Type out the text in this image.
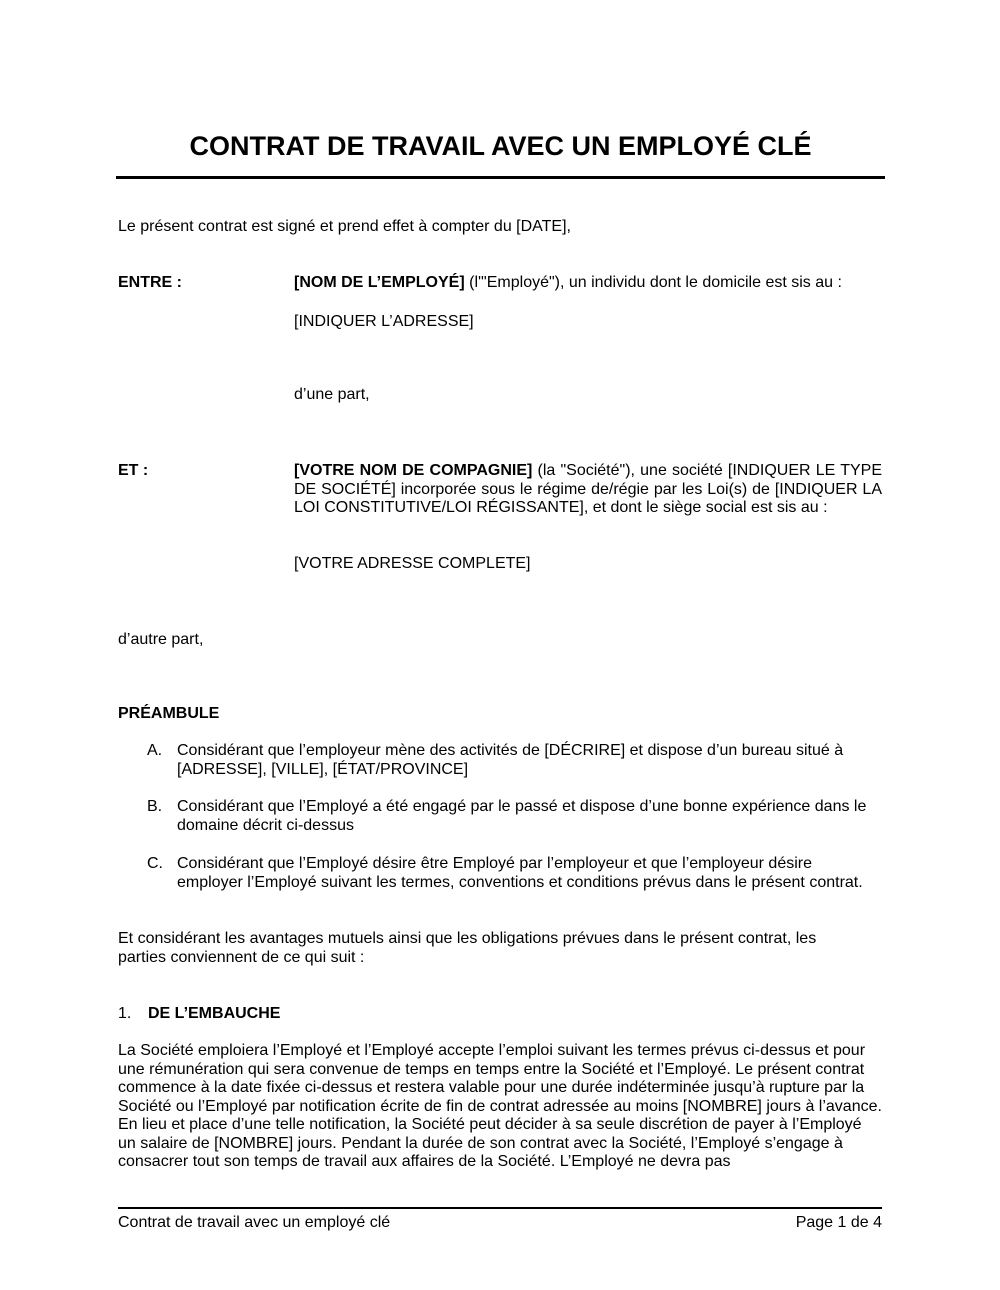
CONTRAT DE TRAVAIL AVEC UN EMPLOYÉ CLÉ
Le présent contrat est signé et prend effet à compter du [DATE],
ENTRE :	[NOM DE L’EMPLOYÉ] (l'"Employé"), un individu dont le domicile est sis au :
[INDIQUER L’ADRESSE]
d’une part,
ET :	[VOTRE NOM DE COMPAGNIE] (la "Société"), une société [INDIQUER LE TYPE DE SOCIÉTÉ] incorporée sous le régime de/régie par les Loi(s) de [INDIQUER LA LOI CONSTITUTIVE/LOI RÉGISSANTE], et dont le siège social est sis au :
[VOTRE ADRESSE COMPLETE]
d’autre part,
PRÉAMBULE
A. Considérant que l’employeur mène des activités de [DÉCRIRE] et dispose d’un bureau situé à [ADRESSE], [VILLE], [ÉTAT/PROVINCE]
B. Considérant que l’Employé a été engagé par le passé et dispose d’une bonne expérience dans le domaine décrit ci-dessus
C. Considérant que l’Employé désire être Employé par l’employeur et que l’employeur désire employer l’Employé suivant les termes, conventions et conditions prévus dans le présent contrat.
Et considérant les avantages mutuels ainsi que les obligations prévues dans le présent contrat, les parties conviennent de ce qui suit :
1. DE L’EMBAUCHE
La Société emploiera l’Employé et l’Employé accepte l’emploi suivant les termes prévus ci-dessus et pour une rémunération qui sera convenue de temps en temps entre la Société et l’Employé. Le présent contrat commence à la date fixée ci-dessus et restera valable pour une durée indéterminée jusqu’à rupture par la Société ou l’Employé par notification écrite de fin de contrat adressée au moins [NOMBRE] jours à l’avance. En lieu et place d’une telle notification, la Société peut décider à sa seule discrétion de payer à l’Employé un salaire de [NOMBRE] jours. Pendant la durée de son contrat avec la Société, l’Employé s’engage à consacrer tout son temps de travail aux affaires de la Société. L’Employé ne devra pas
Contrat de travail avec un employé clé	Page 1 de 4
